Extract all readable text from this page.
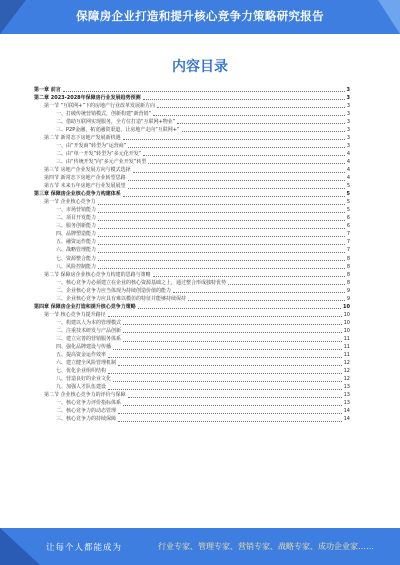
保障房企业打造和提升核心竞争力策略研究报告
内容目录
第一章 前言	3
第二章 2023-2028年保障房行业发展趋势预测	3
第一节 “互联网+”下的房地产行业改革发展新方向	3
一、打破传统营销模式，创新构建“新营销”	3
二、借助互联网实现服务，全方位打造“互联网+物业”	3
三、P2P金融，拓宽融资渠道，让房地产走向“互联网+”	3
第二节 新常态下房地产发展新机遇	3
一、由“开发商”转型为“运营商”	3
二、由“单一开发”转型为“多元化开发”	4
三、由“传统开发”向“多元产业开发”转型	4
第三节 房地产企业发展方向与模式选择	4
第四节 新常态下房地产企业转型思路	4
第五节 未来五年房地产行业发展展望	5
第三章 保障房企业核心竞争力构建体系	5
第一节 企业核心竞争力	5
一、市场营销能力	5
二、项目开发能力	6
三、服务创新能力	6
四、品牌塑造能力	7
五、融资运作能力	7
六、战略管理能力	7
七、资源整合能力	8
八、风险控制能力	8
第二节 保障房企业核心竞争力构建的思路与策略	8
一、核心竞争力必须建立在企业的核心资源基础之上，通过整合形成独特优势	8
二、企业核心竞争力应当体现为持续创造价值的能力	9
三、企业核心竞争力应具有难以模仿的特征并能够持续保持	9
第四章 保障房企业打造和提升核心竞争力策略	10
第一节 核心竞争力提升路径	10
一、构建以人为本的管理模式	10
二、注重技术研发与产品创新	10
三、建立完善的营销服务体系	11
四、强化品牌建设与传播	11
五、提高资金运作效率	11
六、建立健全风险管理机制	12
七、优化企业组织结构	12
八、营造良好的企业文化	12
九、加强人才队伍建设	13
第二节 企业核心竞争力的评价与保障	13
一、核心竞争力评价指标体系	13
二、核心竞争力的动态管理	14
三、核心竞争力的持续保障	14
让每个人都能成为	行业专家、管理专家、营销专家、战略专家、成功企业家……
